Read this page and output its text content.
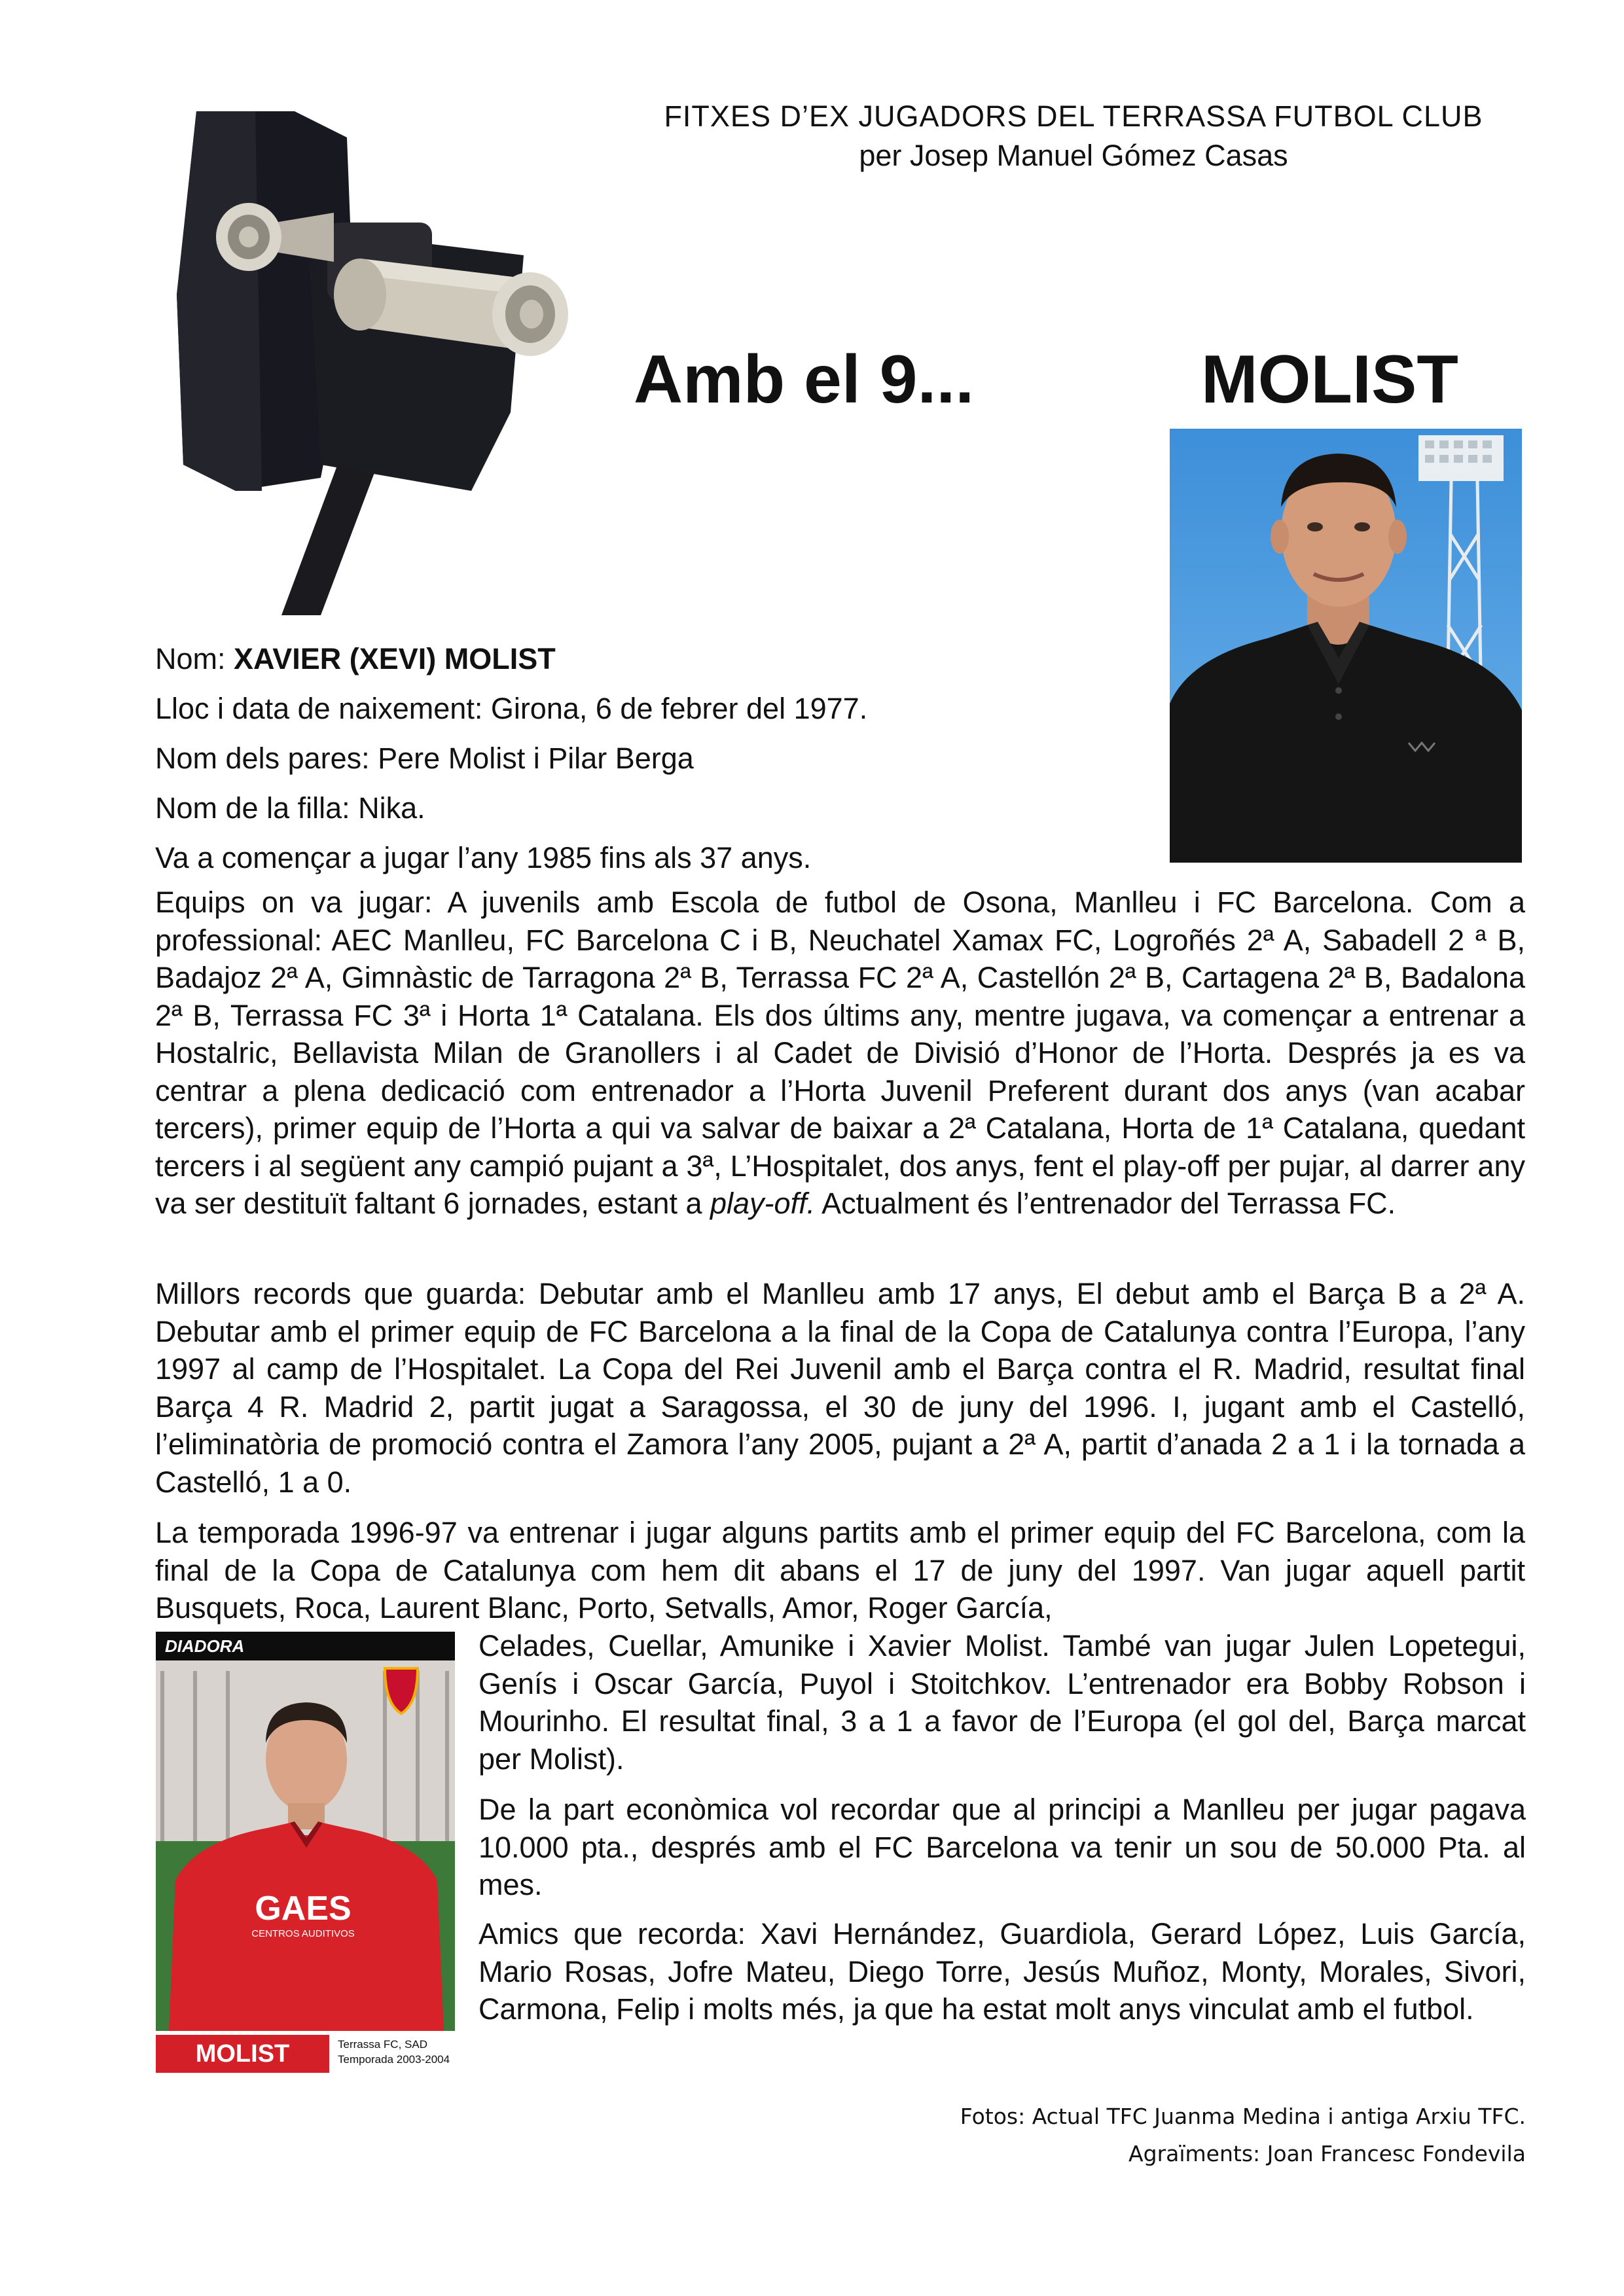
FITXES D’EX JUGADORS DEL TERRASSA FUTBOL CLUB
per Josep Manuel Gómez Casas
Amb el 9...	MOLIST

Nom: XAVIER (XEVI) MOLIST

Lloc i data de naixement: Girona, 6 de febrer del 1977.

Nom dels pares: Pere Molist i Pilar Berga

Nom de la filla: Nika.

Va a començar a jugar l’any 1985 fins als 37 anys.

Equips on va jugar: A juvenils amb Escola de futbol de Osona, Manlleu i FC Barcelona. Com a professional: AEC Manlleu, FC Barcelona C i B, Neuchatel Xamax FC, Logroñés 2ª A, Sabadell 2 ª B, Badajoz 2ª A, Gimnàstic de Tarragona 2ª B, Terrassa FC 2ª A, Castellón 2ª B, Cartagena 2ª B, Badalona 2ª B, Terrassa FC 3ª i Horta 1ª Catalana. Els dos últims any, mentre jugava, va començar a entrenar a Hostalric, Bellavista Milan de Granollers i al Cadet de Divisió d’Honor de l’Horta. Després ja es va centrar a plena dedicació com entrenador a l’Horta Juvenil Preferent durant dos anys (van acabar tercers), primer equip de l’Horta a qui va salvar de baixar a 2ª Catalana, Horta de 1ª Catalana, quedant tercers i al següent any campió pujant a 3ª, L’Hospitalet, dos anys, fent el play-off per pujar, al darrer any va ser destituït faltant 6 jornades, estant a play-off. Actualment és l’entrenador del Terrassa FC.

Millors records que guarda: Debutar amb el Manlleu amb 17 anys, El debut amb el Barça B a 2ª A. Debutar amb el primer equip de FC Barcelona a la final de la Copa de Catalunya contra l’Europa, l’any 1997 al camp de l’Hospitalet. La Copa del Rei Juvenil amb el Barça contra el R. Madrid, resultat final Barça 4 R. Madrid 2, partit jugat a Saragossa, el 30 de juny del 1996. I, jugant amb el Castelló, l’eliminatòria de promoció contra el Zamora l’any 2005, pujant a 2ª A, partit d’anada 2 a 1 i la tornada a Castelló, 1 a 0.

La temporada 1996-97 va entrenar i jugar alguns partits amb el primer equip del FC Barcelona, com la final de la Copa de Catalunya com hem dit abans el 17 de juny del 1997. Van jugar aquell partit Busquets, Roca, Laurent Blanc, Porto, Setvalls, Amor, Roger García,

DIADORA
GAES
CENTROS AUDITIVOS
MOLIST	Terrassa FC, SAD
Temporada 2003-2004

Celades, Cuellar, Amunike i Xavier Molist. També van jugar Julen Lopetegui, Genís i Oscar García, Puyol i Stoitchkov. L’entrenador era Bobby Robson i Mourinho. El resultat final, 3 a 1 a favor de l’Europa (el gol del, Barça marcat per Molist).

De la part econòmica vol recordar que al principi a Manlleu per jugar pagava 10.000 pta., després amb el FC Barcelona va tenir un sou de 50.000 Pta. al mes.

Amics que recorda: Xavi Hernández, Guardiola, Gerard López, Luis García, Mario Rosas, Jofre Mateu, Diego Torre, Jesús Muñoz, Monty, Morales, Sivori, Carmona, Felip i molts més, ja que ha estat molt anys vinculat amb el futbol.

Fotos: Actual TFC Juanma Medina i antiga Arxiu TFC.
Agraïments: Joan Francesc Fondevila
